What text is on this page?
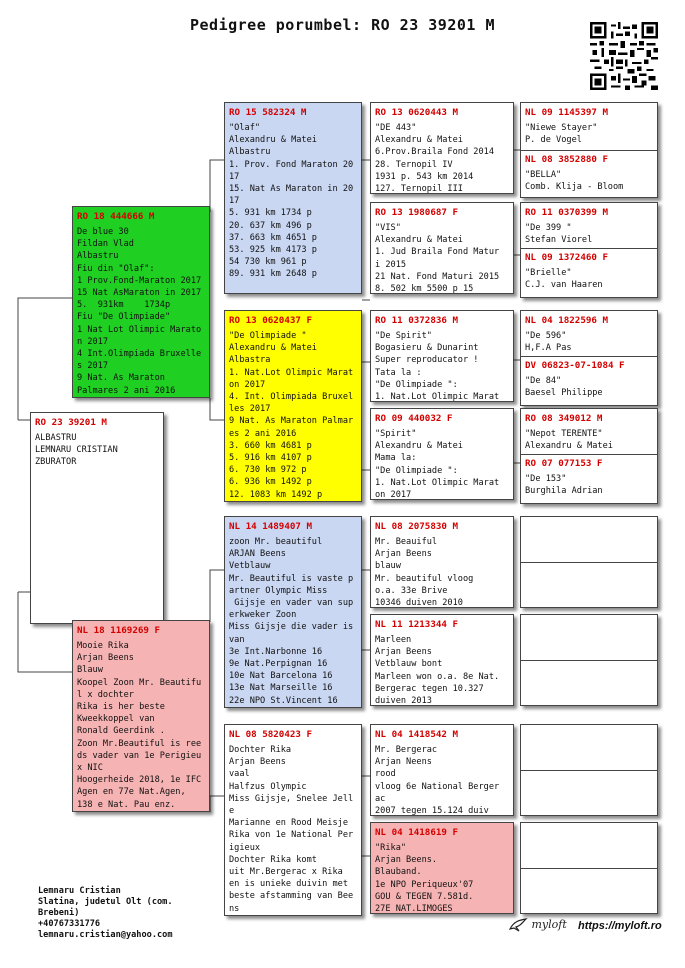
Pedigree porumbel: RO 23 39201 M
RO 23 39201 M
ALBASTRU
LEMNARU CRISTIAN
ZBURATOR
RO 18 444666 M
De blue 30
Fildan Vlad
Albastru
Fiu din "Olaf":
1 Prov.Fond-Maraton 2017
15 Nat AsMaraton in 2017
5.  931km    1734p
Fiu "De Olimpiade"
1 Nat Lot Olimpic Marato n 2017
4 Int.Olimpiada Bruxelle s 2017
9 Nat. As Maraton
Palmares 2 ani 2016
NL 18 1169269 F
Mooie Rika
Arjan Beens
Blauw
Koopel Zoon Mr. Beautiful x dochter
Rika is her beste
Kweekkoppel van
Ronald Geerdink .
Zoon Mr.Beautiful is ree ds vader van 1e Perigieu x NIC
Hoogerheide 2018, 1e IFC Agen en 77e Nat.Agen,
138 e Nat. Pau enz.
RO 15 582324 M
"Olaf"
Alexandru & Matei
Albastru
1. Prov. Fond Maraton 20 17
15. Nat As Maraton in 20 17
5. 931 km 1734 p
20. 637 km 496 p
37. 663 km 4651 p
53. 925 km 4173 p
54 730 km 961 p
89. 931 km 2648 p
RO 13 0620437 F
"De Olimpiade "
Alexandru & Matei
Albastra
1. Nat.Lot Olimpic Marat on 2017
4. Int. Olimpiada Bruxelles 2017
9 Nat. As Maraton Palmar es 2 ani 2016
3. 660 km 4681 p
5. 916 km 4107 p
6. 730 km 972 p
6. 936 km 1492 p
12. 1083 km 1492 p
NL 14 1489407 M
zoon Mr. beautiful
ARJAN Beens
Vetblauw
Mr. Beautiful is vaste partner Olympic Miss
Gijsje en vader van superkweker Zoon
Miss Gijsje die vader is van
3e Int.Narbonne 16
9e Nat.Perpignan 16
10e Nat Barcelona 16
13e Nat Marseille 16
22e NPO St.Vincent 16
NL 08 5820423 F
Dochter Rika
Arjan Beens
vaal
Halfzus Olympic
Miss Gijsje, Snelee Jell e
Marianne en Rood Meisje
Rika von 1e National Perigieux
Dochter Rika komt
uit Mr.Bergerac x Rika
en is unieke duivin met
beste afstamming van Bee ns
RO 13 0620443 M
"DE 443"
Alexandru & Matei
6.Prov.Braila Fond 2014
28. Ternopil IV
1931 p. 543 km 2014
127. Ternopil III
RO 13 1980687 F
"VIS"
Alexandru & Matei
1. Jud Braila Fond Matur i 2015
21 Nat. Fond Maturi 2015
8. 502 km 5500 p 15
RO 11 0372836 M
"De Spirit"
Bogasieru & Dunarint
Super reproducator !
Tata la :
"De Olimpiade ":
1. Nat.Lot Olimpic Marat
RO 09 440032 F
"Spirit"
Alexandru & Matei
Mama la:
"De Olimpiade ":
1. Nat.Lot Olimpic Marat
on 2017
NL 08 2075830 M
Mr. Beauiful
Arjan Beens
blauw
Mr. beautiful vloog
o.a. 33e Brive
10346 duiven 2010
NL 11 1213344 F
Marleen
Arjan Beens
Vetblauw bont
Marleen won o.a. 8e Nat.
Bergerac tegen 10.327
duiven 2013
NL 04 1418542 M
Mr. Bergerac
Arjan Neens
rood
vloog 6e National Berger ac
2007 tegen 15.124 duiv
NL 04 1418619 F
"Rika"
Arjan Beens.
Blauband.
1e NPO Periqueux'07
GOU & TEGEN 7.581d.
27E NAT.LIMOGES
NL 09 1145397 M
"Niewe Stayer"
P. de Vogel
NL 08 3852880 F
"BELLA"
Comb. Klija - Bloom
RO 11 0370399 M
"De 399 "
Stefan Viorel
NL 09 1372460 F
"Brielle"
C.J. van Haaren
NL 04 1822596 M
"De 596"
H,F.A Pas
DV 06823-07-1084 F
"De 84"
Baesel Philippe
RO 08 349012 M
"Nepot TERENTE"
Alexandru & Matei
RO 07 077153 F
"De 153"
Burghila Adrian
Lemnaru Cristian
Slatina, judetul Olt (com.
Brebeni)
+40767331776
lemnaru.cristian@yahoo.com
myloft https://myloft.ro
